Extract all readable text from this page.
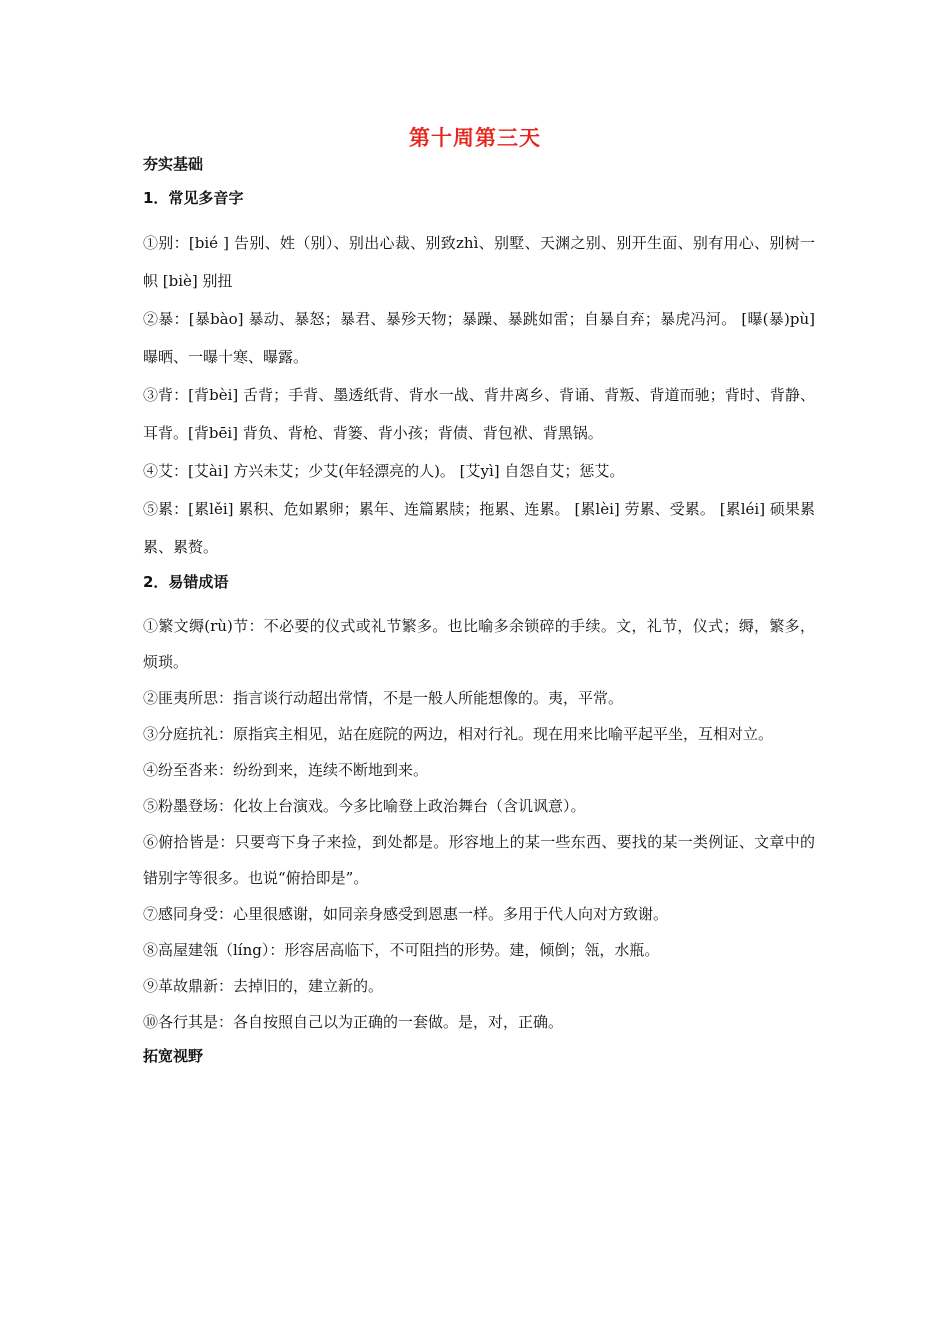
第十周第三天

夯实基础

1．常见多音字

①别：[bié ] 告别、姓（别）、别出心裁、别致zhì、别墅、天渊之别、别开生面、别有用心、别树一帜 [biè] 别扭

②暴：[暴bào] 暴动、暴怒；暴君、暴殄天物；暴躁、暴跳如雷；自暴自弃；暴虎冯河。 [曝(暴)pù]曝晒、一曝十寒、曝露。

③背：[背bèi] 舌背；手背、墨透纸背、背水一战、背井离乡、背诵、背叛、背道而驰；背时、背静、耳背。[背bēi] 背负、背枪、背篓、背小孩；背债、背包袱、背黑锅。

④艾：[艾ài] 方兴未艾；少艾(年轻漂亮的人)。 [艾yì] 自怨自艾；惩艾。

⑤累：[累lěi] 累积、危如累卵；累年、连篇累牍；拖累、连累。 [累lèi] 劳累、受累。 [累léi] 硕果累累、累赘。

2．易错成语

①繁文缛(rù)节：不必要的仪式或礼节繁多。也比喻多余锁碎的手续。文，礼节，仪式；缛，繁多，烦琐。

②匪夷所思：指言谈行动超出常情，不是一般人所能想像的。夷，平常。

③分庭抗礼：原指宾主相见，站在庭院的两边，相对行礼。现在用来比喻平起平坐，互相对立。

④纷至沓来：纷纷到来，连续不断地到来。

⑤粉墨登场：化妆上台演戏。今多比喻登上政治舞台（含讥讽意）。

⑥俯拾皆是：只要弯下身子来捡，到处都是。形容地上的某一些东西、要找的某一类例证、文章中的错别字等很多。也说“俯拾即是”。

⑦感同身受：心里很感谢，如同亲身感受到恩惠一样。多用于代人向对方致谢。

⑧高屋建瓴（líng）：形容居高临下，不可阻挡的形势。建，倾倒；瓴，水瓶。

⑨革故鼎新：去掉旧的，建立新的。

⑩各行其是：各自按照自己以为正确的一套做。是，对，正确。

拓宽视野
